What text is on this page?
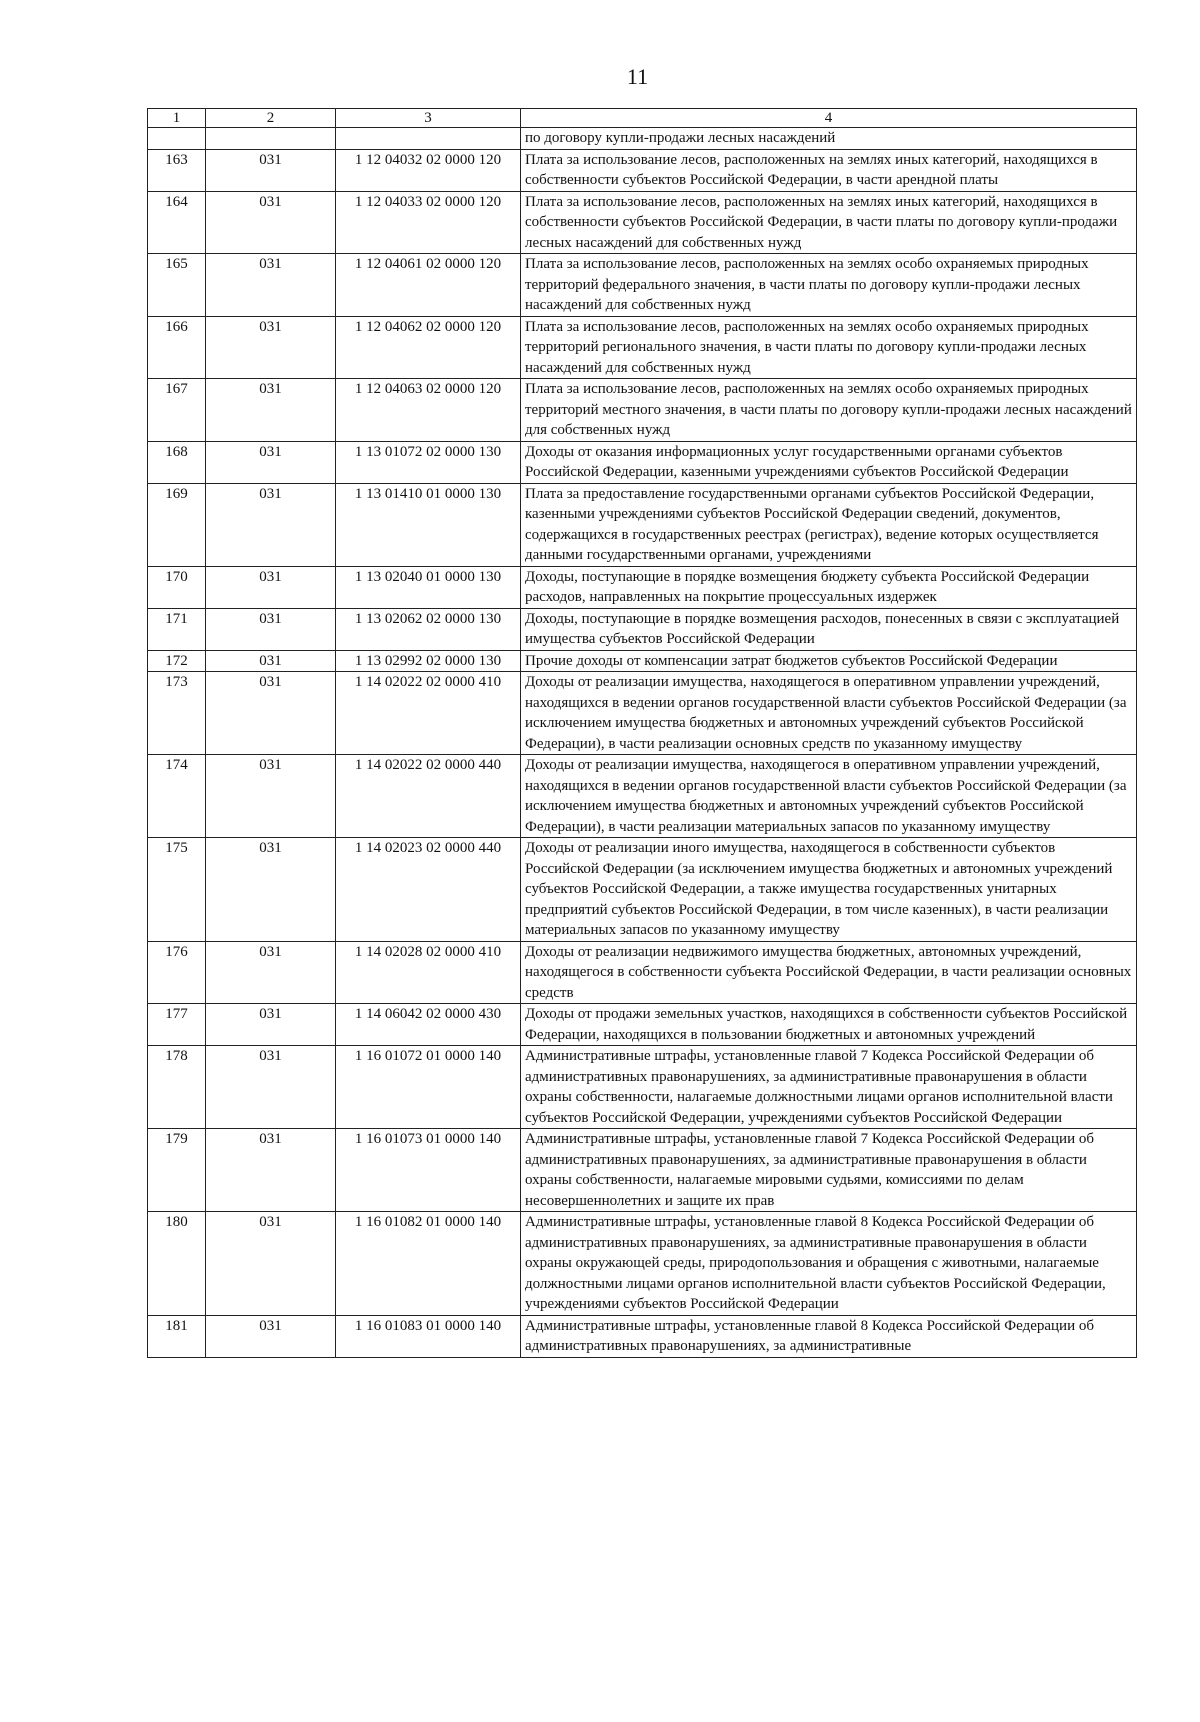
11
1	2	3	4
			по договору купли-продажи лесных насаждений
163	031	1 12 04032 02 0000 120	Плата за использование лесов, расположенных на землях иных категорий, находящихся в собственности субъектов Российской Федерации, в части арендной платы
164	031	1 12 04033 02 0000 120	Плата за использование лесов, расположенных на землях иных категорий, находящихся в собственности субъектов Российской Федерации, в части платы по договору купли-продажи лесных насаждений для собственных нужд
165	031	1 12 04061 02 0000 120	Плата за использование лесов, расположенных на землях особо охраняемых природных территорий федерального значения, в части платы по договору купли-продажи лесных насаждений для собственных нужд
166	031	1 12 04062 02 0000 120	Плата за использование лесов, расположенных на землях особо охраняемых природных территорий регионального значения, в части платы по договору купли-продажи лесных насаждений для собственных нужд
167	031	1 12 04063 02 0000 120	Плата за использование лесов, расположенных на землях особо охраняемых природных территорий местного значения, в части платы по договору купли-продажи лесных насаждений для собственных нужд
168	031	1 13 01072 02 0000 130	Доходы от оказания информационных услуг государственными органами субъектов Российской Федерации, казенными учреждениями субъектов Российской Федерации
169	031	1 13 01410 01 0000 130	Плата за предоставление государственными органами субъектов Российской Федерации, казенными учреждениями субъектов Российской Федерации сведений, документов, содержащихся в государственных реестрах (регистрах), ведение которых осуществляется данными государственными органами, учреждениями
170	031	1 13 02040 01 0000 130	Доходы, поступающие в порядке возмещения бюджету субъекта Российской Федерации расходов, направленных на покрытие процессуальных издержек
171	031	1 13 02062 02 0000 130	Доходы, поступающие в порядке возмещения расходов, понесенных в связи с эксплуатацией имущества субъектов Российской Федерации
172	031	1 13 02992 02 0000 130	Прочие доходы от компенсации затрат бюджетов субъектов Российской Федерации
173	031	1 14 02022 02 0000 410	Доходы от реализации имущества, находящегося в оперативном управлении учреждений, находящихся в ведении органов государственной власти субъектов Российской Федерации (за исключением имущества бюджетных и автономных учреждений субъектов Российской Федерации), в части реализации основных средств по указанному имуществу
174	031	1 14 02022 02 0000 440	Доходы от реализации имущества, находящегося в оперативном управлении учреждений, находящихся в ведении органов государственной власти субъектов Российской Федерации (за исключением имущества бюджетных и автономных учреждений субъектов Российской Федерации), в части реализации материальных запасов по указанному имуществу
175	031	1 14 02023 02 0000 440	Доходы от реализации иного имущества, находящегося в собственности субъектов Российской Федерации (за исключением имущества бюджетных и автономных учреждений субъектов Российской Федерации, а также имущества государственных унитарных предприятий субъектов Российской Федерации, в том числе казенных), в части реализации материальных запасов по указанному имуществу
176	031	1 14 02028 02 0000 410	Доходы от реализации недвижимого имущества бюджетных, автономных учреждений, находящегося в собственности субъекта Российской Федерации, в части реализации основных средств
177	031	1 14 06042 02 0000 430	Доходы от продажи земельных участков, находящихся в собственности субъектов Российской Федерации, находящихся в пользовании бюджетных и автономных учреждений
178	031	1 16 01072 01 0000 140	Административные штрафы, установленные главой 7 Кодекса Российской Федерации об административных правонарушениях, за административные правонарушения в области охраны собственности, налагаемые должностными лицами органов исполнительной власти субъектов Российской Федерации, учреждениями субъектов Российской Федерации
179	031	1 16 01073 01 0000 140	Административные штрафы, установленные главой 7 Кодекса Российской Федерации об административных правонарушениях, за административные правонарушения в области охраны собственности, налагаемые мировыми судьями, комиссиями по делам несовершеннолетних и защите их прав
180	031	1 16 01082 01 0000 140	Административные штрафы, установленные главой 8 Кодекса Российской Федерации об административных правонарушениях, за административные правонарушения в области охраны окружающей среды, природопользования и обращения с животными, налагаемые должностными лицами органов исполнительной власти субъектов Российской Федерации, учреждениями субъектов Российской Федерации
181	031	1 16 01083 01 0000 140	Административные штрафы, установленные главой 8 Кодекса Российской Федерации об административных правонарушениях, за административные
